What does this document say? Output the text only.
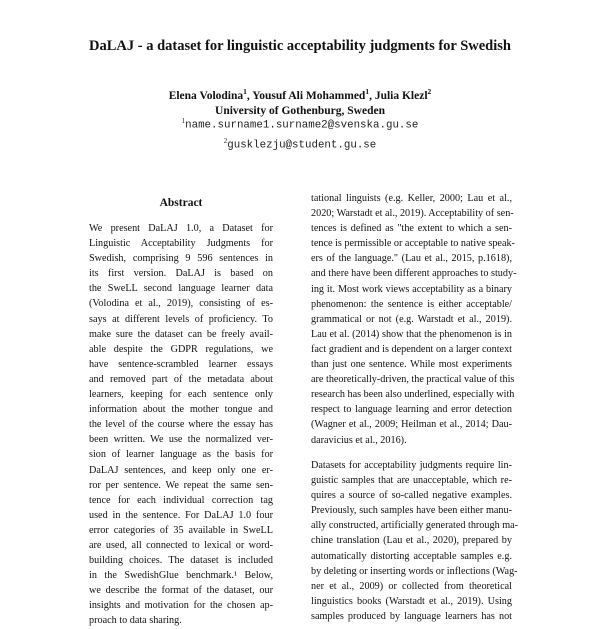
DaLAJ - a dataset for linguistic acceptability judgments for Swedish
Elena Volodina$^1$, Yousuf Ali Mohammed$^1$, Julia Klezl$^2$
University of Gothenburg, Sweden
$^1$name.surname1.surname2@svenska.gu.se
$^2$gusklezju@student.gu.se
Abstract
We present DaLAJ 1.0, a Dataset for
Linguistic Acceptability Judgments for
Swedish, comprising 9 596 sentences in
its first version. DaLAJ is based on
the SweLL second language learner data
(Volodina et al., 2019), consisting of es-
says at different levels of proficiency. To
make sure the dataset can be freely avail-
able despite the GDPR regulations, we
have sentence-scrambled learner essays
and removed part of the metadata about
learners, keeping for each sentence only
information about the mother tongue and
the level of the course where the essay has
been written. We use the normalized ver-
sion of learner language as the basis for
DaLAJ sentences, and keep only one er-
ror per sentence. We repeat the same sen-
tence for each individual correction tag
used in the sentence. For DaLAJ 1.0 four
error categories of 35 available in SweLL
are used, all connected to lexical or word-
building choices. The dataset is included
in the SwedishGlue benchmark.¹ Below,
we describe the format of the dataset, our
insights and motivation for the chosen ap-
proach to data sharing.
tational linguists (e.g. Keller, 2000; Lau et al.,
2020; Warstadt et al., 2019). Acceptability of sen-
tences is defined as "the extent to which a sen-
tence is permissible or acceptable to native speak-
ers of the language." (Lau et al., 2015, p.1618),
and there have been different approaches to study-
ing it. Most work views acceptability as a binary
phenomenon: the sentence is either acceptable/
grammatical or not (e.g. Warstadt et al., 2019).
Lau et al. (2014) show that the phenomenon is in
fact gradient and is dependent on a larger context
than just one sentence. While most experiments
are theoretically-driven, the practical value of this
research has been also underlined, especially with
respect to language learning and error detection
(Wagner et al., 2009; Heilman et al., 2014; Dau-
daravicius et al., 2016).
Datasets for acceptability judgments require lin-
guistic samples that are unacceptable, which re-
quires a source of so-called negative examples.
Previously, such samples have been either manu-
ally constructed, artificially generated through ma-
chine translation (Lau et al., 2020), prepared by
automatically distorting acceptable samples e.g.
by deleting or inserting words or inflections (Wag-
ner et al., 2009) or collected from theoretical
linguistics books (Warstadt et al., 2019). Using
samples produced by language learners has not
